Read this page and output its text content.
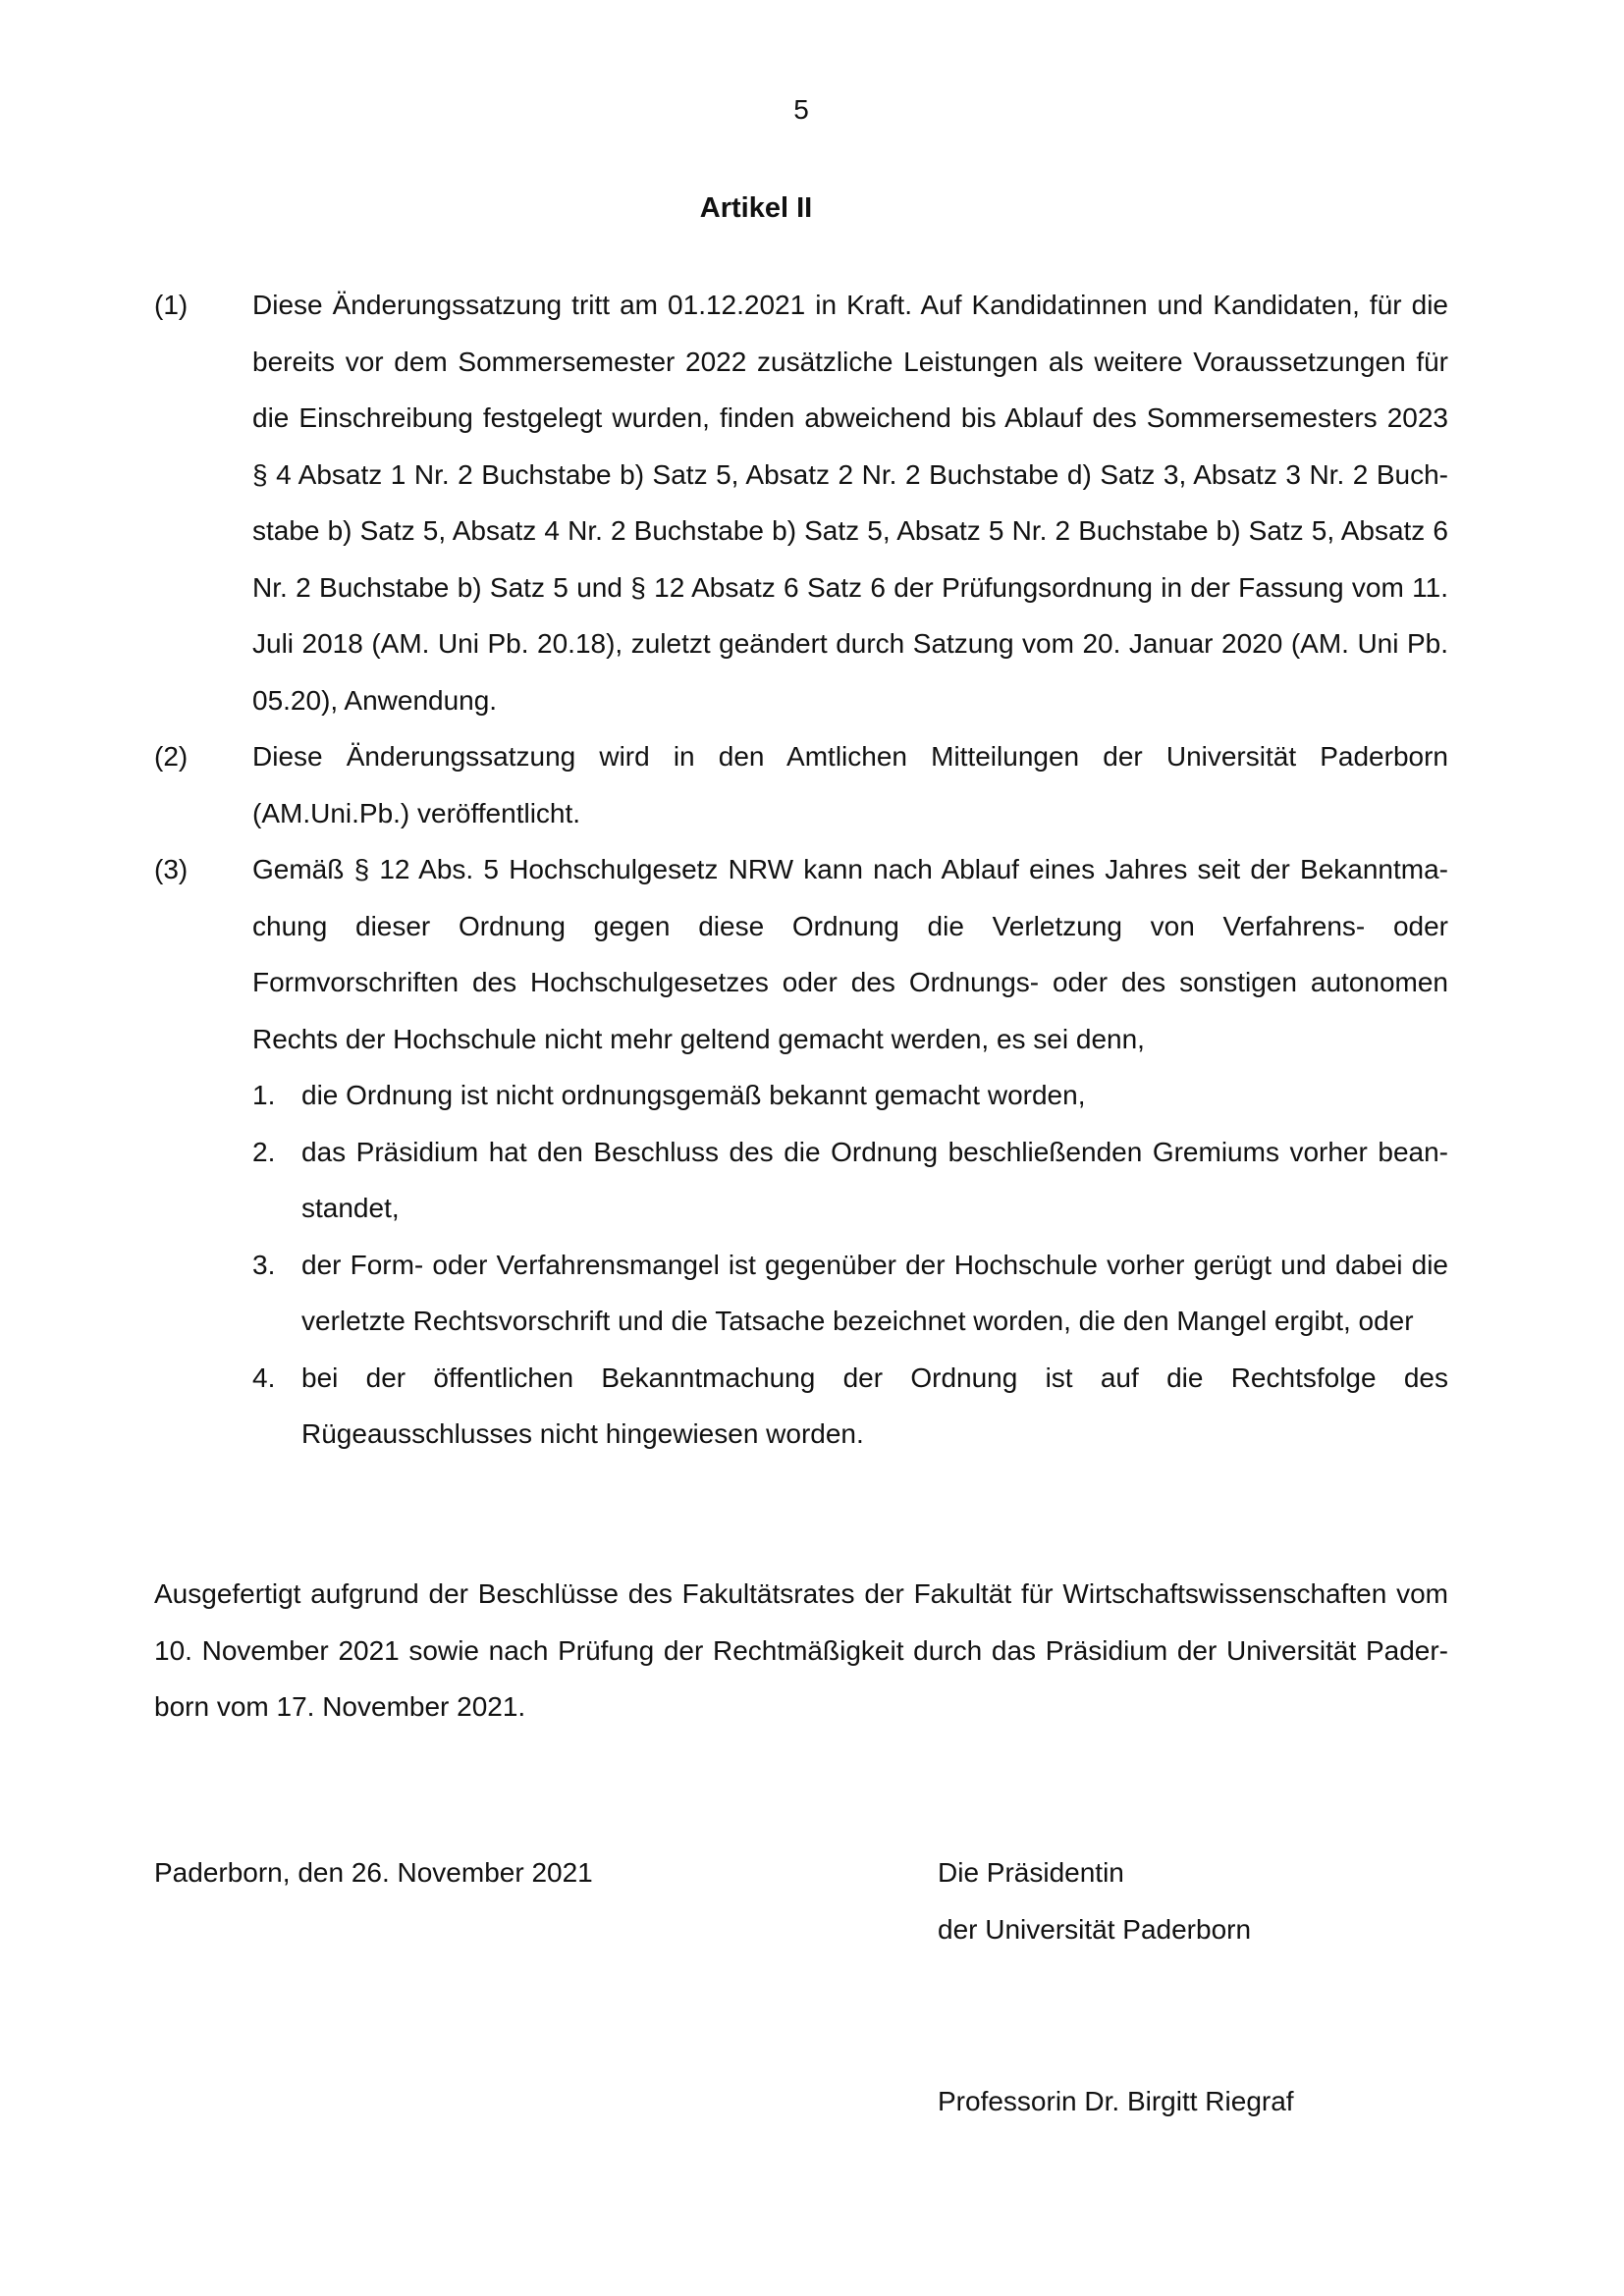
5
Artikel II
(1) Diese Änderungssatzung tritt am 01.12.2021 in Kraft. Auf Kandidatinnen und Kandidaten, für die bereits vor dem Sommersemester 2022 zusätzliche Leistungen als weitere Voraussetzungen für die Einschreibung festgelegt wurden, finden abweichend bis Ablauf des Sommersemesters 2023 § 4 Absatz 1 Nr. 2 Buchstabe b) Satz 5, Absatz 2 Nr. 2 Buchstabe d) Satz 3, Absatz 3 Nr. 2 Buchstabe b) Satz 5, Absatz 4 Nr. 2 Buchstabe b) Satz 5, Absatz 5 Nr. 2 Buchstabe b) Satz 5, Absatz 6 Nr. 2 Buchstabe b) Satz 5 und § 12 Absatz 6 Satz 6 der Prüfungsordnung in der Fassung vom 11. Juli 2018 (AM. Uni Pb. 20.18), zuletzt geändert durch Satzung vom 20. Januar 2020 (AM. Uni Pb. 05.20), Anwendung.
(2) Diese Änderungssatzung wird in den Amtlichen Mitteilungen der Universität Paderborn (AM.Uni.Pb.) veröffentlicht.
(3) Gemäß § 12 Abs. 5 Hochschulgesetz NRW kann nach Ablauf eines Jahres seit der Bekanntmachung dieser Ordnung gegen diese Ordnung die Verletzung von Verfahrens- oder Formvorschriften des Hochschulgesetzes oder des Ordnungs- oder des sonstigen autonomen Rechts der Hochschule nicht mehr geltend gemacht werden, es sei denn,
1. die Ordnung ist nicht ordnungsgemäß bekannt gemacht worden,
2. das Präsidium hat den Beschluss des die Ordnung beschließenden Gremiums vorher beanstandet,
3. der Form- oder Verfahrensmangel ist gegenüber der Hochschule vorher gerügt und dabei die verletzte Rechtsvorschrift und die Tatsache bezeichnet worden, die den Mangel ergibt, oder
4. bei der öffentlichen Bekanntmachung der Ordnung ist auf die Rechtsfolge des Rügeausschlusses nicht hingewiesen worden.
Ausgefertigt aufgrund der Beschlüsse des Fakultätsrates der Fakultät für Wirtschaftswissenschaften vom 10. November 2021 sowie nach Prüfung der Rechtmäßigkeit durch das Präsidium der Universität Paderborn vom 17. November 2021.
Paderborn, den 26. November 2021	Die Präsidentin
der Universität Paderborn
Professorin Dr. Birgitt Riegraf
